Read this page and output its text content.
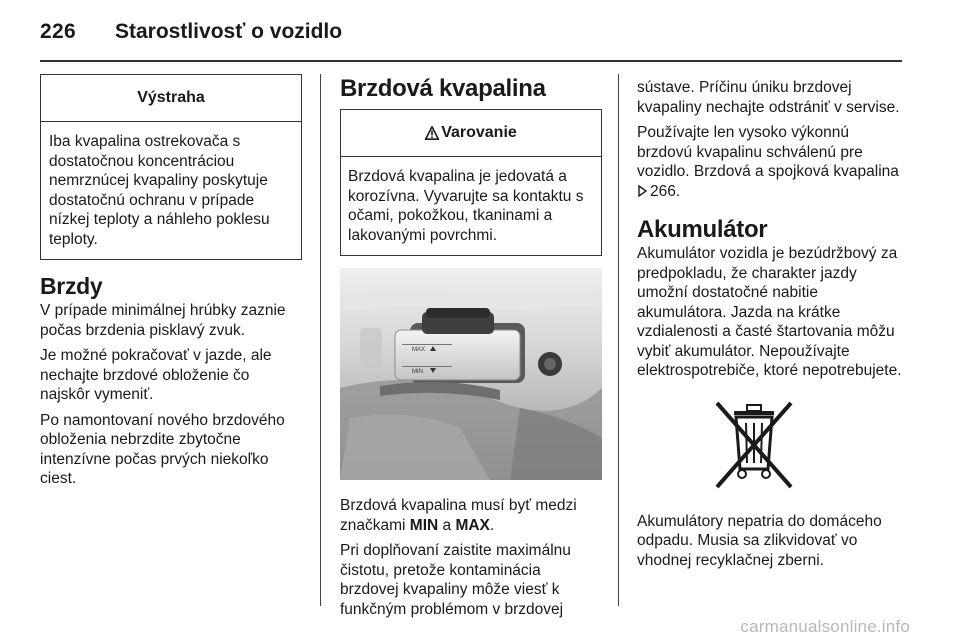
226 Starostlivosť o vozidlo
Výstraha
Iba kvapalina ostrekovača s dostatočnou koncentráciou nemrznúcej kvapaliny poskytuje dostatočnú ochranu v prípade nízkej teploty a náhleho poklesu teploty.
Brzdy

V prípade minimálnej hrúbky zaznie počas brzdenia pisklavý zvuk.

Je možné pokračovať v jazde, ale nechajte brzdové obloženie čo najskôr vymeniť.

Po namontovaní nového brzdového obloženia nebrzdite zbytočne intenzívne počas prvých niekoľko ciest.

Brzdová kvapalina
Varovanie
Brzdová kvapalina je jedovatá a korozívna. Vyvarujte sa kontaktu s očami, pokožkou, tkaninami a lakovanými povrchmi.
MAX
MIN

Brzdová kvapalina musí byť medzi značkami MIN a MAX.

Pri doplňovaní zaistite maximálnu čistotu, pretože kontaminácia brzdovej kvapaliny môže viesť k funkčným problémom v brzdovej

sústave. Príčinu úniku brzdovej kvapaliny nechajte odstrániť v servise.

Používajte len vysoko výkonnú brzdovú kvapalinu schválenú pre vozidlo. Brzdová a spojková kvapalina 266.

Akumulátor

Akumulátor vozidla je bezúdržbový za predpokladu, že charakter jazdy umožní dostatočné nabitie akumulátora. Jazda na krátke vzdialenosti a časté štartovania môžu vybiť akumulátor. Nepoužívajte elektrospotrebiče, ktoré nepotrebujete.

Akumulátory nepatria do domáceho odpadu. Musia sa zlikvidovať vo vhodnej recyklačnej zberni.

carmanualsonline.info
